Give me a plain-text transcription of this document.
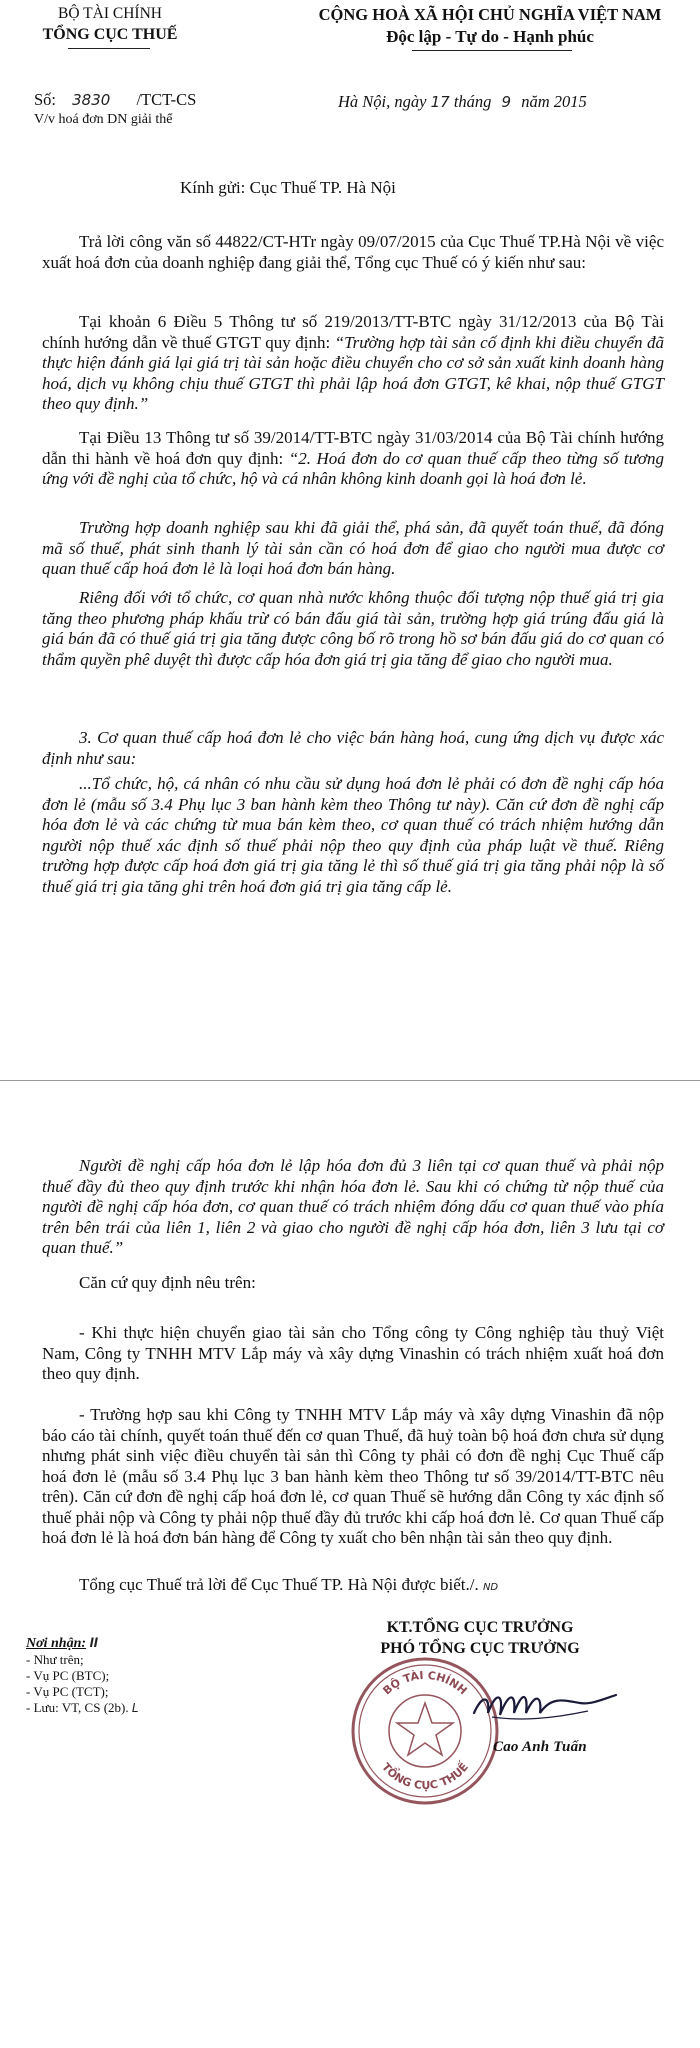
BỘ TÀI CHÍNH
TỔNG CỤC THUẾ
Số: 3830 /TCT-CS
V/v hoá đơn DN giải thể
CỘNG HOÀ XÃ HỘI CHỦ NGHĨA VIỆT NAM
Độc lập - Tự do - Hạnh phúc
Hà Nội, ngày 17 tháng 9 năm 2015
Kính gửi: Cục Thuế TP. Hà Nội

Trả lời công văn số 44822/CT-HTr ngày 09/07/2015 của Cục Thuế TP.Hà Nội về việc xuất hoá đơn của doanh nghiệp đang giải thể, Tổng cục Thuế có ý kiến như sau:

Tại khoản 6 Điều 5 Thông tư số 219/2013/TT-BTC ngày 31/12/2013 của Bộ Tài chính hướng dẫn về thuế GTGT quy định: “Trường hợp tài sản cố định khi điều chuyển đã thực hiện đánh giá lại giá trị tài sản hoặc điều chuyển cho cơ sở sản xuất kinh doanh hàng hoá, dịch vụ không chịu thuế GTGT thì phải lập hoá đơn GTGT, kê khai, nộp thuế GTGT theo quy định.”

Tại Điều 13 Thông tư số 39/2014/TT-BTC ngày 31/03/2014 của Bộ Tài chính hướng dẫn thi hành về hoá đơn quy định: “2. Hoá đơn do cơ quan thuế cấp theo từng số tương ứng với đề nghị của tổ chức, hộ và cá nhân không kinh doanh gọi là hoá đơn lẻ.

Trường hợp doanh nghiệp sau khi đã giải thể, phá sản, đã quyết toán thuế, đã đóng mã số thuế, phát sinh thanh lý tài sản cần có hoá đơn để giao cho người mua được cơ quan thuế cấp hoá đơn lẻ là loại hoá đơn bán hàng.

Riêng đối với tổ chức, cơ quan nhà nước không thuộc đối tượng nộp thuế giá trị gia tăng theo phương pháp khấu trừ có bán đấu giá tài sản, trường hợp giá trúng đấu giá là giá bán đã có thuế giá trị gia tăng được công bố rõ trong hồ sơ bán đấu giá do cơ quan có thẩm quyền phê duyệt thì được cấp hóa đơn giá trị gia tăng để giao cho người mua.

3. Cơ quan thuế cấp hoá đơn lẻ cho việc bán hàng hoá, cung ứng dịch vụ được xác định như sau:

...Tổ chức, hộ, cá nhân có nhu cầu sử dụng hoá đơn lẻ phải có đơn đề nghị cấp hóa đơn lẻ (mẫu số 3.4 Phụ lục 3 ban hành kèm theo Thông tư này). Căn cứ đơn đề nghị cấp hóa đơn lẻ và các chứng từ mua bán kèm theo, cơ quan thuế có trách nhiệm hướng dẫn người nộp thuế xác định số thuế phải nộp theo quy định của pháp luật về thuế. Riêng trường hợp được cấp hoá đơn giá trị gia tăng lẻ thì số thuế giá trị gia tăng phải nộp là số thuế giá trị gia tăng ghi trên hoá đơn giá trị gia tăng cấp lẻ.

Người đề nghị cấp hóa đơn lẻ lập hóa đơn đủ 3 liên tại cơ quan thuế và phải nộp thuế đầy đủ theo quy định trước khi nhận hóa đơn lẻ. Sau khi có chứng từ nộp thuế của người đề nghị cấp hóa đơn, cơ quan thuế có trách nhiệm đóng dấu cơ quan thuế vào phía trên bên trái của liên 1, liên 2 và giao cho người đề nghị cấp hóa đơn, liên 3 lưu tại cơ quan thuế.”

Căn cứ quy định nêu trên:

- Khi thực hiện chuyển giao tài sản cho Tổng công ty Công nghiệp tàu thuỷ Việt Nam, Công ty TNHH MTV Lắp máy và xây dựng Vinashin có trách nhiệm xuất hoá đơn theo quy định.

- Trường hợp sau khi Công ty TNHH MTV Lắp máy và xây dựng Vinashin đã nộp báo cáo tài chính, quyết toán thuế đến cơ quan Thuế, đã huỷ toàn bộ hoá đơn chưa sử dụng nhưng phát sinh việc điều chuyển tài sản thì Công ty phải có đơn đề nghị Cục Thuế cấp hoá đơn lẻ (mẫu số 3.4 Phụ lục 3 ban hành kèm theo Thông tư số 39/2014/TT-BTC nêu trên). Căn cứ đơn đề nghị cấp hoá đơn lẻ, cơ quan Thuế sẽ hướng dẫn Công ty xác định số thuế phải nộp và Công ty phải nộp thuế đầy đủ trước khi cấp hoá đơn lẻ. Cơ quan Thuế cấp hoá đơn lẻ là hoá đơn bán hàng để Công ty xuất cho bên nhận tài sản theo quy định.

Tổng cục Thuế trả lời để Cục Thuế TP. Hà Nội được biết./. ND

Nơi nhận: ll
- Như trên;
- Vụ PC (BTC);
- Vụ PC (TCT);
- Lưu: VT, CS (2b). L
KT.TỔNG CỤC TRƯỞNG
PHÓ TỔNG CỤC TRƯỞNG
BỘ TÀI CHÍNH
TỔNG CỤC THUẾ
Cao Anh Tuấn
